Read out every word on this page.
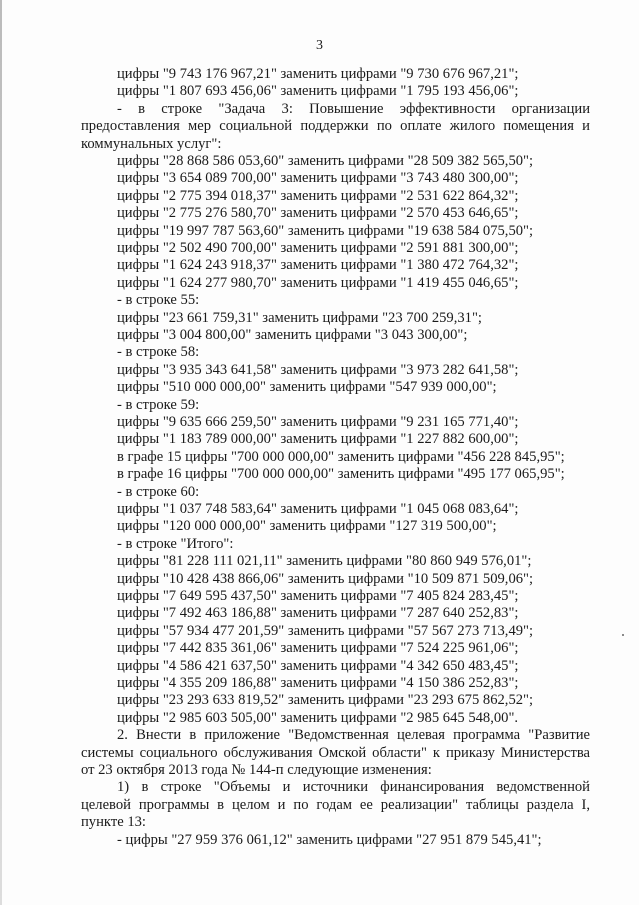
3
цифры "9 743 176 967,21" заменить цифрами "9 730 676 967,21";
цифры "1 807 693 456,06" заменить цифрами "1 795 193 456,06";
- в строке "Задача 3: Повышение эффективности организации
предоставления мер социальной поддержки по оплате жилого помещения и
коммунальных услуг":
цифры "28 868 586 053,60" заменить цифрами "28 509 382 565,50";
цифры "3 654 089 700,00" заменить цифрами "3 743 480 300,00";
цифры "2 775 394 018,37" заменить цифрами "2 531 622 864,32";
цифры "2 775 276 580,70" заменить цифрами "2 570 453 646,65";
цифры "19 997 787 563,60" заменить цифрами "19 638 584 075,50";
цифры "2 502 490 700,00" заменить цифрами "2 591 881 300,00";
цифры "1 624 243 918,37" заменить цифрами "1 380 472 764,32";
цифры "1 624 277 980,70" заменить цифрами "1 419 455 046,65";
- в строке 55:
цифры "23 661 759,31" заменить цифрами "23 700 259,31";
цифры "3 004 800,00" заменить цифрами "3 043 300,00";
- в строке 58:
цифры "3 935 343 641,58" заменить цифрами "3 973 282 641,58";
цифры "510 000 000,00" заменить цифрами "547 939 000,00";
- в строке 59:
цифры "9 635 666 259,50" заменить цифрами "9 231 165 771,40";
цифры "1 183 789 000,00" заменить цифрами "1 227 882 600,00";
в графе 15 цифры "700 000 000,00" заменить цифрами "456 228 845,95";
в графе 16 цифры "700 000 000,00" заменить цифрами "495 177 065,95";
- в строке 60:
цифры "1 037 748 583,64" заменить цифрами "1 045 068 083,64";
цифры "120 000 000,00" заменить цифрами "127 319 500,00";
- в строке "Итого":
цифры "81 228 111 021,11" заменить цифрами "80 860 949 576,01";
цифры "10 428 438 866,06" заменить цифрами "10 509 871 509,06";
цифры "7 649 595 437,50" заменить цифрами "7 405 824 283,45";
цифры "7 492 463 186,88" заменить цифрами "7 287 640 252,83";
цифры "57 934 477 201,59" заменить цифрами "57 567 273 713,49";
цифры "7 442 835 361,06" заменить цифрами "7 524 225 961,06";
цифры "4 586 421 637,50" заменить цифрами "4 342 650 483,45";
цифры "4 355 209 186,88" заменить цифрами "4 150 386 252,83";
цифры "23 293 633 819,52" заменить цифрами "23 293 675 862,52";
цифры "2 985 603 505,00" заменить цифрами "2 985 645 548,00".
2. Внести в приложение "Ведомственная целевая программа "Развитие
системы социального обслуживания Омской области" к приказу Министерства
от 23 октября 2013 года № 144-п следующие изменения:
1) в строке "Объемы и источники финансирования ведомственной
целевой программы в целом и по годам ее реализации" таблицы раздела I,
пункте 13:
- цифры "27 959 376 061,12" заменить цифрами "27 951 879 545,41";
